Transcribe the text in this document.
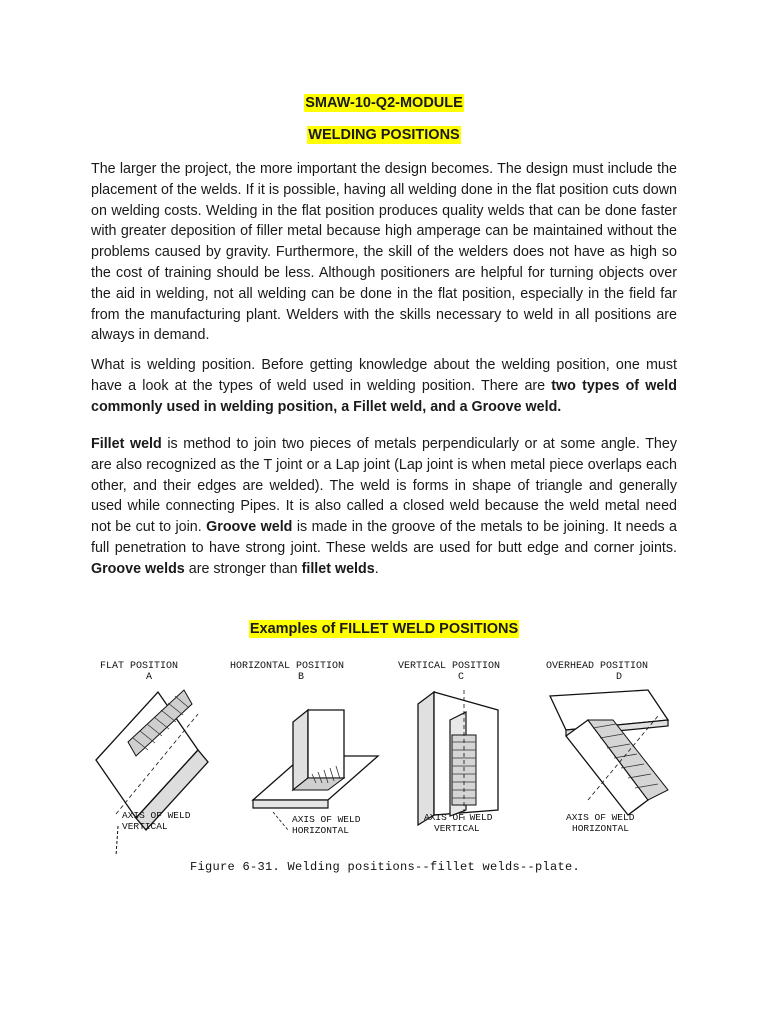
SMAW-10-Q2-MODULE
WELDING POSITIONS

The larger the project, the more important the design becomes. The design must include the placement of the welds. If it is possible, having all welding done in the flat position cuts down on welding costs. Welding in the flat position produces quality welds that can be done faster with greater deposition of filler metal because high amperage can be maintained without the problems caused by gravity. Furthermore, the skill of the welders does not have as high so the cost of training should be less. Although positioners are helpful for turning objects over the aid in welding, not all welding can be done in the flat position, especially in the field far from the manufacturing plant. Welders with the skills necessary to weld in all positions are always in demand.

What is welding position. Before getting knowledge about the welding position, one must have a look at the types of weld used in welding position. There are two types of weld commonly used in welding position, a Fillet weld, and a Groove weld.

Fillet weld is method to join two pieces of metals perpendicularly or at some angle. They are also recognized as the T joint or a Lap joint (Lap joint is when metal piece overlaps each other, and their edges are welded). The weld is forms in shape of triangle and generally used while connecting Pipes. It is also called a closed weld because the weld metal need not be cut to join. Groove weld is made in the groove of the metals to be joining. It needs a full penetration to have strong joint. These welds are used for butt edge and corner joints. Groove welds are stronger than fillet welds.

Examples of FILLET WELD POSITIONS
FLAT POSITION
A
AXIS OF WELD
VERTICAL
HORIZONTAL POSITION
B
AXIS OF WELD
HORIZONTAL
VERTICAL POSITION
C
AXIS OF WELD
VERTICAL
OVERHEAD POSITION
D
AXIS OF WELD
HORIZONTAL
Figure 6-31. Welding positions--fillet welds--plate.
